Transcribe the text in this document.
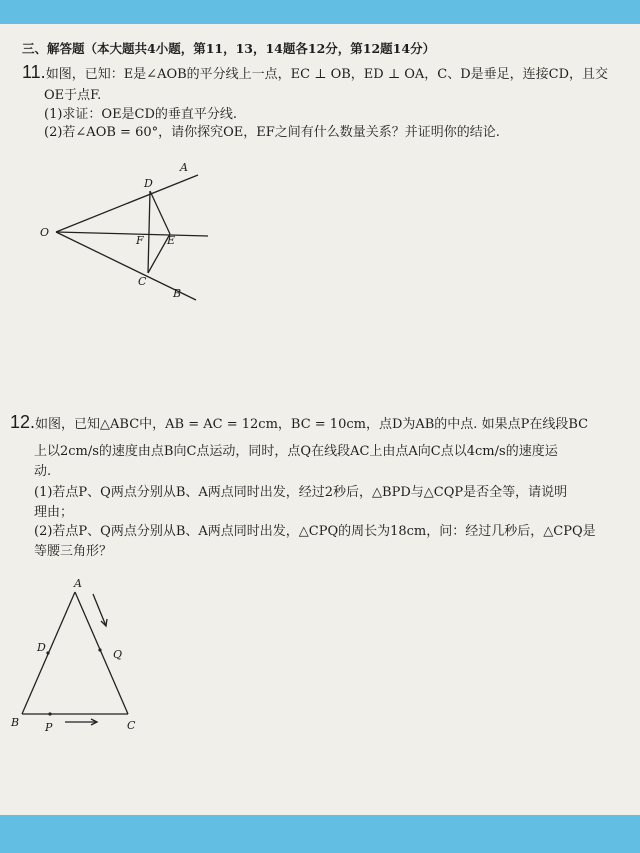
三、解答题（本大题共4小题，第11，13，14题各12分，第12题14分）
11.如图，已知：E是∠AOB的平分线上一点，EC ⊥ OB，ED ⊥ OA，C、D是垂足，连接CD，且交
OE于点F.
(1)求证：OE是CD的垂直平分线.
(2)若∠AOB = 60°，请你探究OE，EF之间有什么数量关系？并证明你的结论.
O
A
B
D
C
F E
12.如图，已知△ABC中，AB = AC = 12cm，BC = 10cm，点D为AB的中点. 如果点P在线段BC
上以2cm/s的速度由点B向C点运动，同时，点Q在线段AC上由点A向C点以4cm/s的速度运
动.
(1)若点P、Q两点分别从B、A两点同时出发，经过2秒后，△BPD与△CQP是否全等，请说明
理由；
(2)若点P、Q两点分别从B、A两点同时出发，△CPQ的周长为18cm，问：经过几秒后，△CPQ是
等腰三角形？
A
B	C
D
Q
P
